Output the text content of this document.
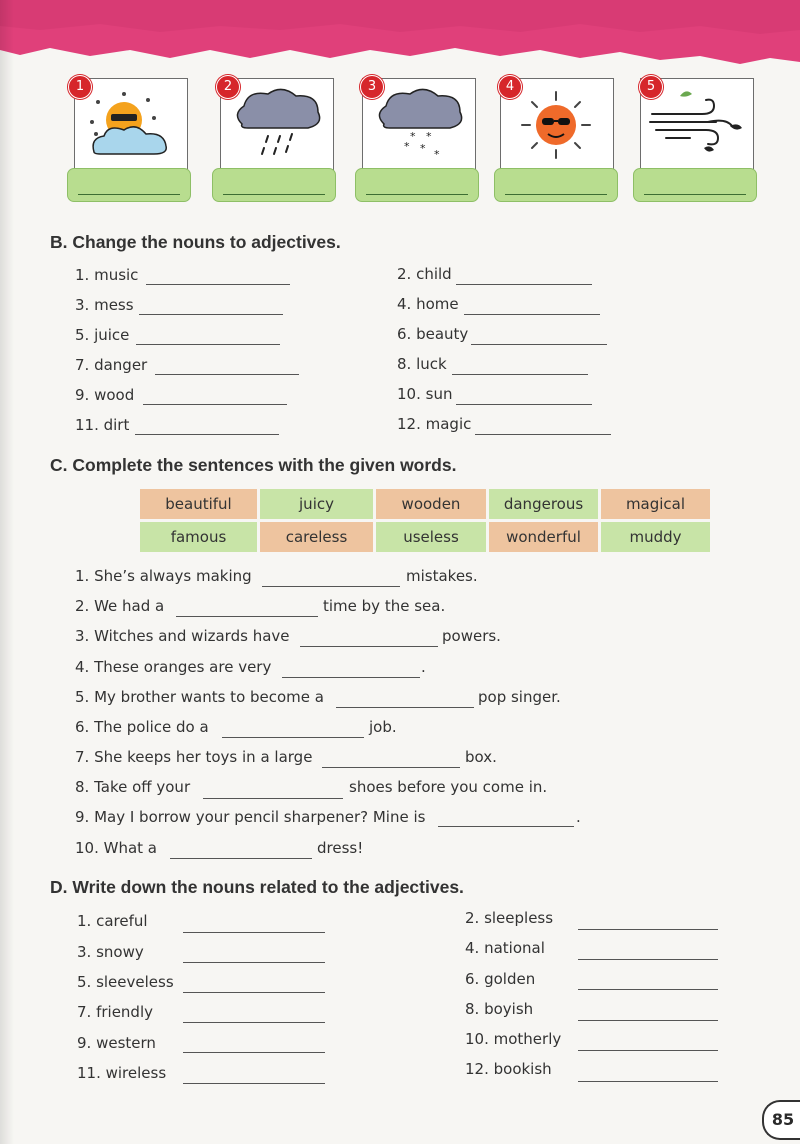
* *
* * *
1	2	3	4	5
B. Change the nouns to adjectives.
1. music	2. child
3. mess	4. home
5. juice	6. beauty
7. danger	8. luck
9. wood	10. sun
11. dirt	12. magic
C. Complete the sentences with the given words.
beautiful	juicy	wooden	dangerous	magical
famous	careless	useless	wonderful	muddy
1. She’s always making	mistakes.
2. We had a	time by the sea.
3. Witches and wizards have	powers.
4. These oranges are very	.
5. My brother wants to become a	pop singer.
6. The police do a	job.
7. She keeps her toys in a large	box.
8. Take off your	shoes before you come in.
9. May I borrow your pencil sharpener? Mine is	.
10. What a	dress!
D. Write down the nouns related to the adjectives.
1. careful	2. sleepless
3. snowy	4. national
5. sleeveless	6. golden
7. friendly	8. boyish
9. western	10. motherly
11. wireless	12. bookish
85
